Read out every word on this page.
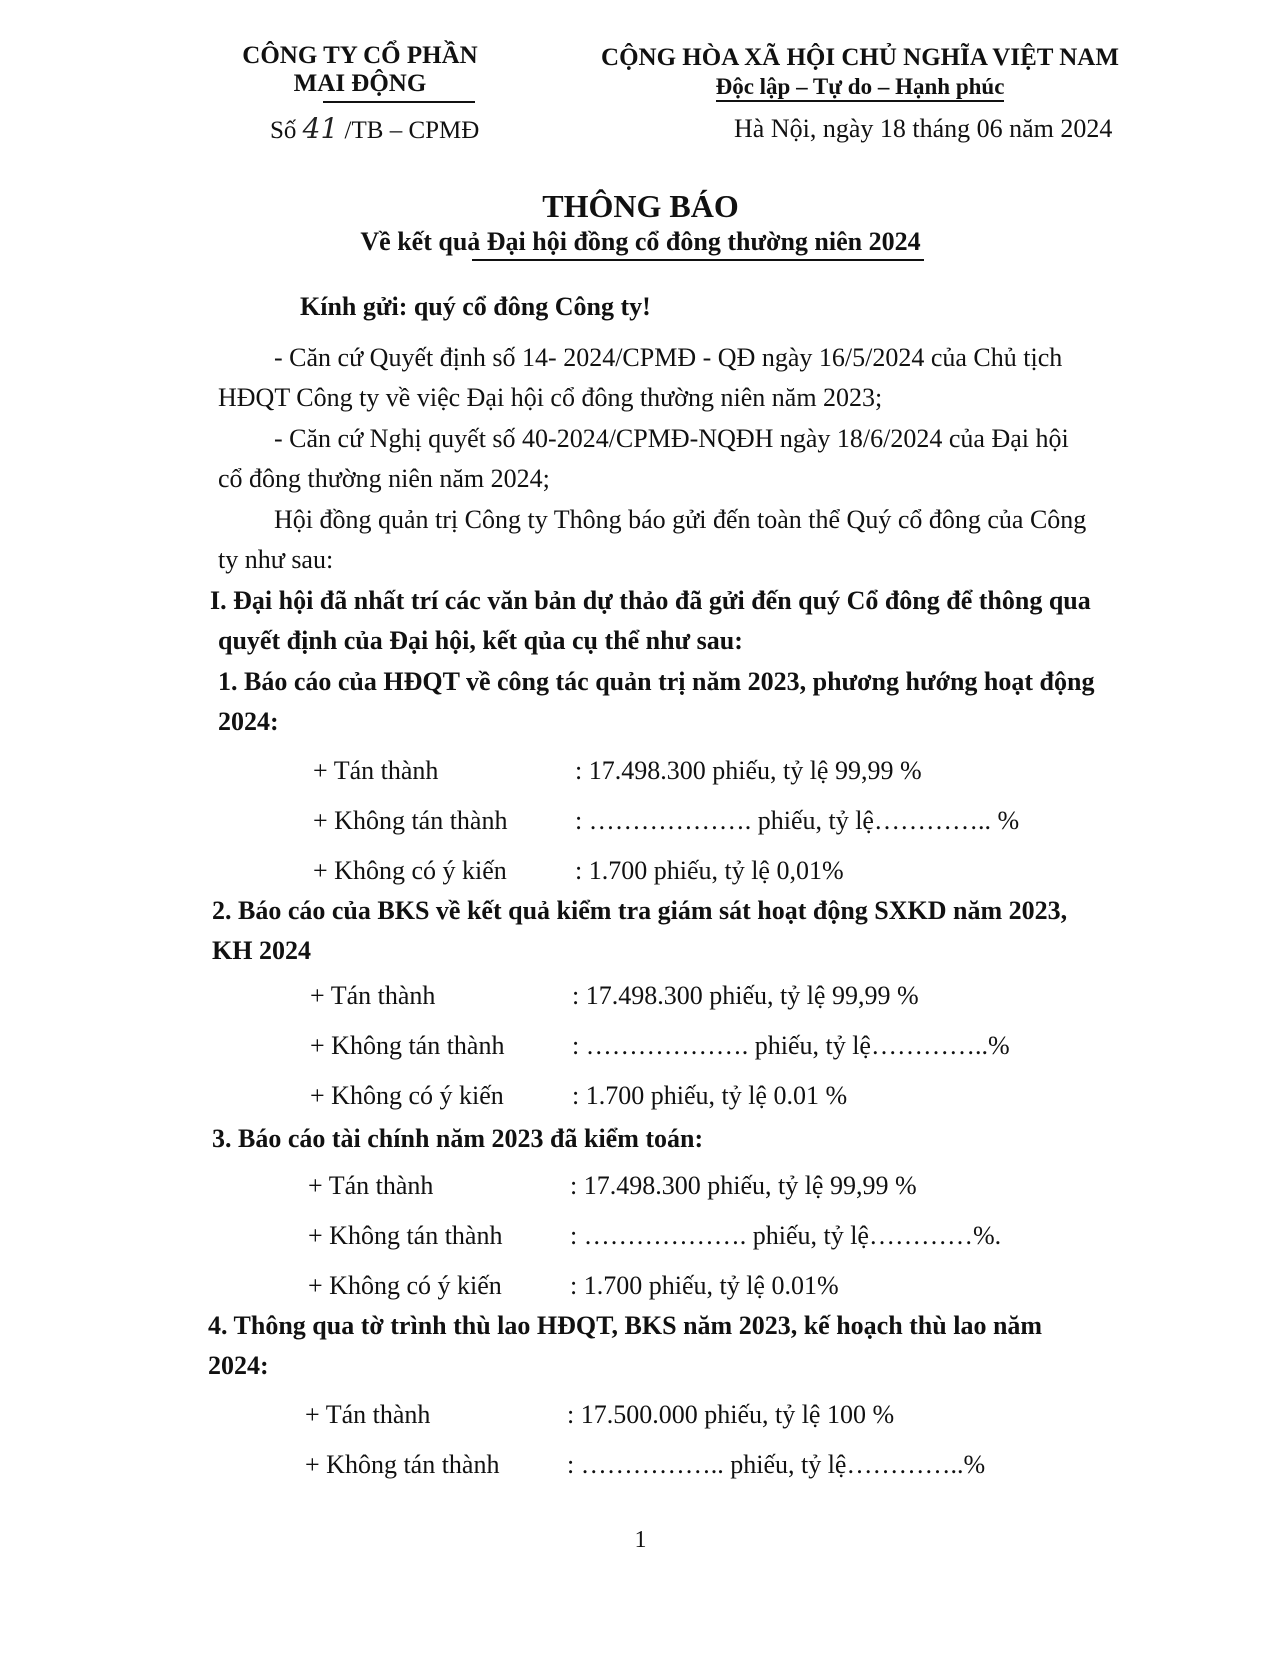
CÔNG TY CỔ PHẦN
MAI ĐỘNG
Số 41 /TB – CPMĐ
CỘNG HÒA XÃ HỘI CHỦ NGHĨA VIỆT NAM
Độc lập – Tự do – Hạnh phúc
Hà Nội, ngày 18 tháng 06 năm 2024
THÔNG BÁO
Về kết quả Đại hội đồng cổ đông thường niên 2024
Kính gửi: quý cổ đông Công ty!
- Căn cứ Quyết định số 14- 2024/CPMĐ - QĐ ngày 16/5/2024 của Chủ tịch
HĐQT Công ty về việc Đại hội cổ đông thường niên năm 2023;
- Căn cứ Nghị quyết số 40-2024/CPMĐ-NQĐH ngày 18/6/2024 của Đại hội
cổ đông thường niên năm 2024;
Hội đồng quản trị Công ty Thông báo gửi đến toàn thể Quý cổ đông của Công
ty như sau:
I. Đại hội đã nhất trí các văn bản dự thảo đã gửi đến quý Cổ đông để thông qua
quyết định của Đại hội, kết qủa cụ thể như sau:
1. Báo cáo của HĐQT về công tác quản trị năm 2023, phương hướng hoạt động
2024:
+ Tán thành	: 17.498.300 phiếu, tỷ lệ 99,99 %
+ Không tán thành	: ………………. phiếu, tỷ lệ………….. %
+ Không có ý kiến	: 1.700 phiếu, tỷ lệ 0,01%
2. Báo cáo của BKS về kết quả kiểm tra giám sát hoạt động SXKD năm 2023,
KH 2024
+ Tán thành	: 17.498.300 phiếu, tỷ lệ 99,99 %
+ Không tán thành	: ………………. phiếu, tỷ lệ…………..%
+ Không có ý kiến	: 1.700 phiếu, tỷ lệ 0.01 %
3. Báo cáo tài chính năm 2023 đã kiểm toán:
+ Tán thành	: 17.498.300 phiếu, tỷ lệ 99,99 %
+ Không tán thành	: ………………. phiếu, tỷ lệ…………%.
+ Không có ý kiến	: 1.700 phiếu, tỷ lệ 0.01%
4. Thông qua tờ trình thù lao HĐQT, BKS năm 2023, kế hoạch thù lao năm
2024:
+ Tán thành	: 17.500.000 phiếu, tỷ lệ 100 %
+ Không tán thành	: …………….. phiếu, tỷ lệ…………..%
1
